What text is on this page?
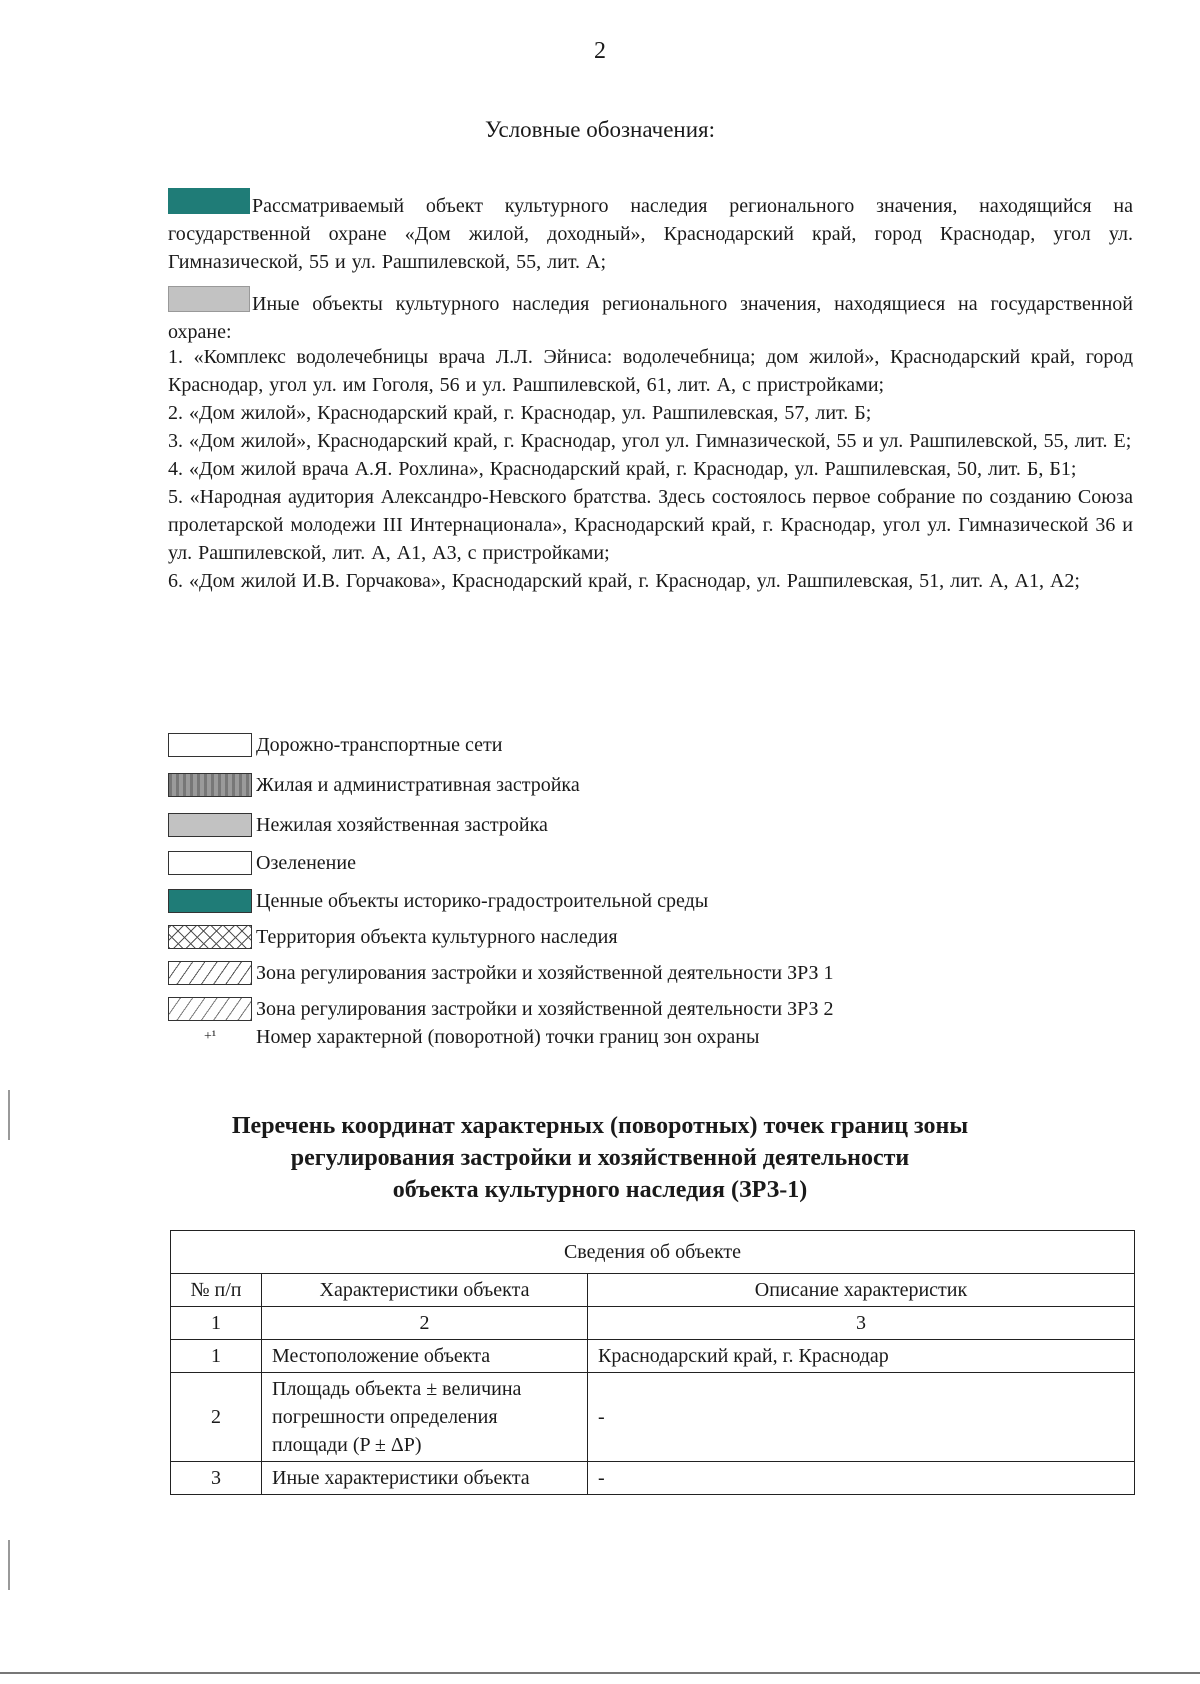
2
Условные обозначения:

Рассматриваемый объект культурного наследия регионального значения, находящийся на государственной охране «Дом жилой, доходный», Краснодарский край, город Краснодар, угол ул. Гимназической, 55 и ул. Рашпилевской, 55, лит. А;

Иные объекты культурного наследия регионального значения, находящиеся на государственной охране:

1. «Комплекс водолечебницы врача Л.Л. Эйниса: водолечебница; дом жилой», Краснодарский край, город Краснодар, угол ул. им Гоголя, 56 и ул. Рашпилевской, 61, лит. А, с пристройками;

2. «Дом жилой», Краснодарский край, г. Краснодар, ул. Рашпилевская, 57, лит. Б;

3. «Дом жилой», Краснодарский край, г. Краснодар, угол ул. Гимназической, 55 и ул. Рашпилевской, 55, лит. Е;

4. «Дом жилой врача А.Я. Рохлина», Краснодарский край, г. Краснодар, ул. Рашпилевская, 50, лит. Б, Б1;

5. «Народная аудитория Александро-Невского братства. Здесь состоялось первое собрание по созданию Союза пролетарской молодежи III Интернационала», Краснодарский край, г. Краснодар, угол ул. Гимназической 36 и ул. Рашпилевской, лит. А, А1, А3, с пристройками;

6. «Дом жилой И.В. Горчакова», Краснодарский край, г. Краснодар, ул. Рашпилевская, 51, лит. А, А1, А2;

Дорожно-транспортные сети
Жилая и административная застройка
Нежилая хозяйственная застройка
Озеленение
Ценные объекты историко-градостроительной среды
Территория объекта культурного наследия
Зона регулирования застройки и хозяйственной деятельности ЗРЗ 1
Зона регулирования застройки и хозяйственной деятельности ЗРЗ 2
+¹	Номер характерной (поворотной) точки границ зон охраны
Перечень координат характерных (поворотных) точек границ зоны
регулирования застройки и хозяйственной деятельности
объекта культурного наследия (ЗРЗ-1)
Сведения об объекте		
№ п/п	Характеристики объекта	Описание характеристик
1	2	3
1	Местоположение объекта	Краснодарский край, г. Краснодар
2	Площадь объекта ± величина погрешности определения площади (P ± ΔP)	-
3	Иные характеристики объекта	-
